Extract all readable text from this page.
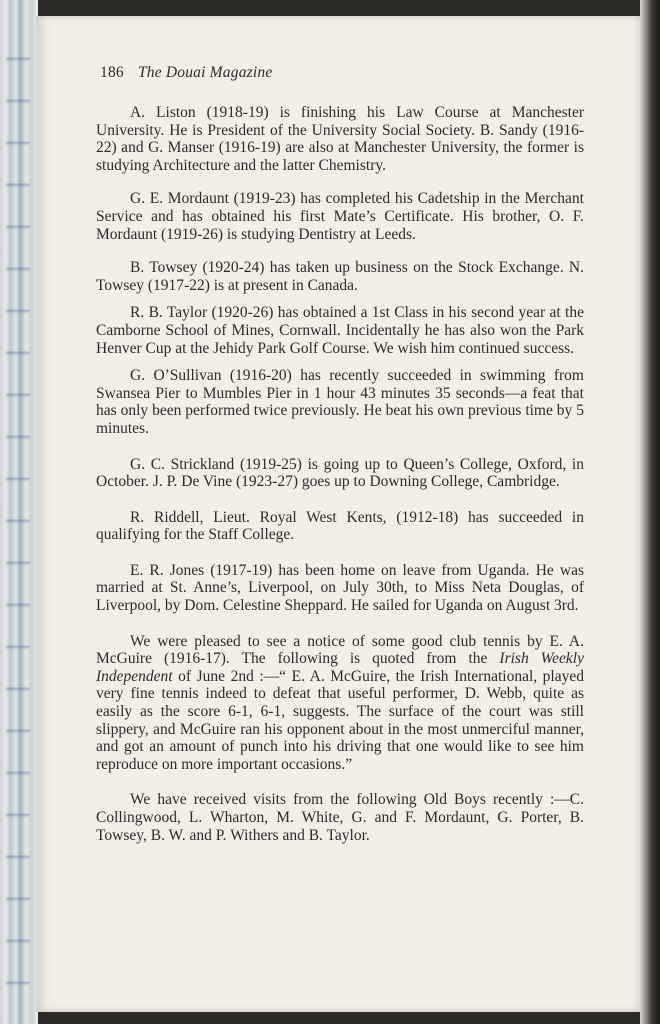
186 The Douai Magazine

A. Liston (1918-19) is finishing his Law Course at Manchester University. He is President of the University Social Society. B. Sandy (1916-22) and G. Manser (1916-19) are also at Manchester University, the former is studying Architecture and the latter Chemistry.

G. E. Mordaunt (1919-23) has completed his Cadetship in the Merchant Service and has obtained his first Mate’s Certificate. His brother, O. F. Mordaunt (1919-26) is studying Dentistry at Leeds.

B. Towsey (1920-24) has taken up business on the Stock Exchange. N. Towsey (1917-22) is at present in Canada.

R. B. Taylor (1920-26) has obtained a 1st Class in his second year at the Camborne School of Mines, Cornwall. Incidentally he has also won the Park Henver Cup at the Jehidy Park Golf Course. We wish him continued success.

G. O’Sullivan (1916-20) has recently succeeded in swimming from Swansea Pier to Mumbles Pier in 1 hour 43 minutes 35 seconds—a feat that has only been performed twice previously. He beat his own previous time by 5 minutes.

G. C. Strickland (1919-25) is going up to Queen’s College, Oxford, in October. J. P. De Vine (1923-27) goes up to Downing College, Cambridge.

R. Riddell, Lieut. Royal West Kents, (1912-18) has succeeded in qualifying for the Staff College.

E. R. Jones (1917-19) has been home on leave from Uganda. He was married at St. Anne’s, Liverpool, on July 30th, to Miss Neta Douglas, of Liverpool, by Dom. Celestine Sheppard. He sailed for Uganda on August 3rd.

We were pleased to see a notice of some good club tennis by E. A. McGuire (1916-17). The following is quoted from the Irish Weekly Independent of June 2nd :—“ E. A. McGuire, the Irish International, played very fine tennis indeed to defeat that useful performer, D. Webb, quite as easily as the score 6-1, 6-1, suggests. The surface of the court was still slippery, and McGuire ran his opponent about in the most unmerciful manner, and got an amount of punch into his driving that one would like to see him reproduce on more important occasions.”

We have received visits from the following Old Boys recently :—C. Collingwood, L. Wharton, M. White, G. and F. Mordaunt, G. Porter, B. Towsey, B. W. and P. Withers and B. Taylor.
